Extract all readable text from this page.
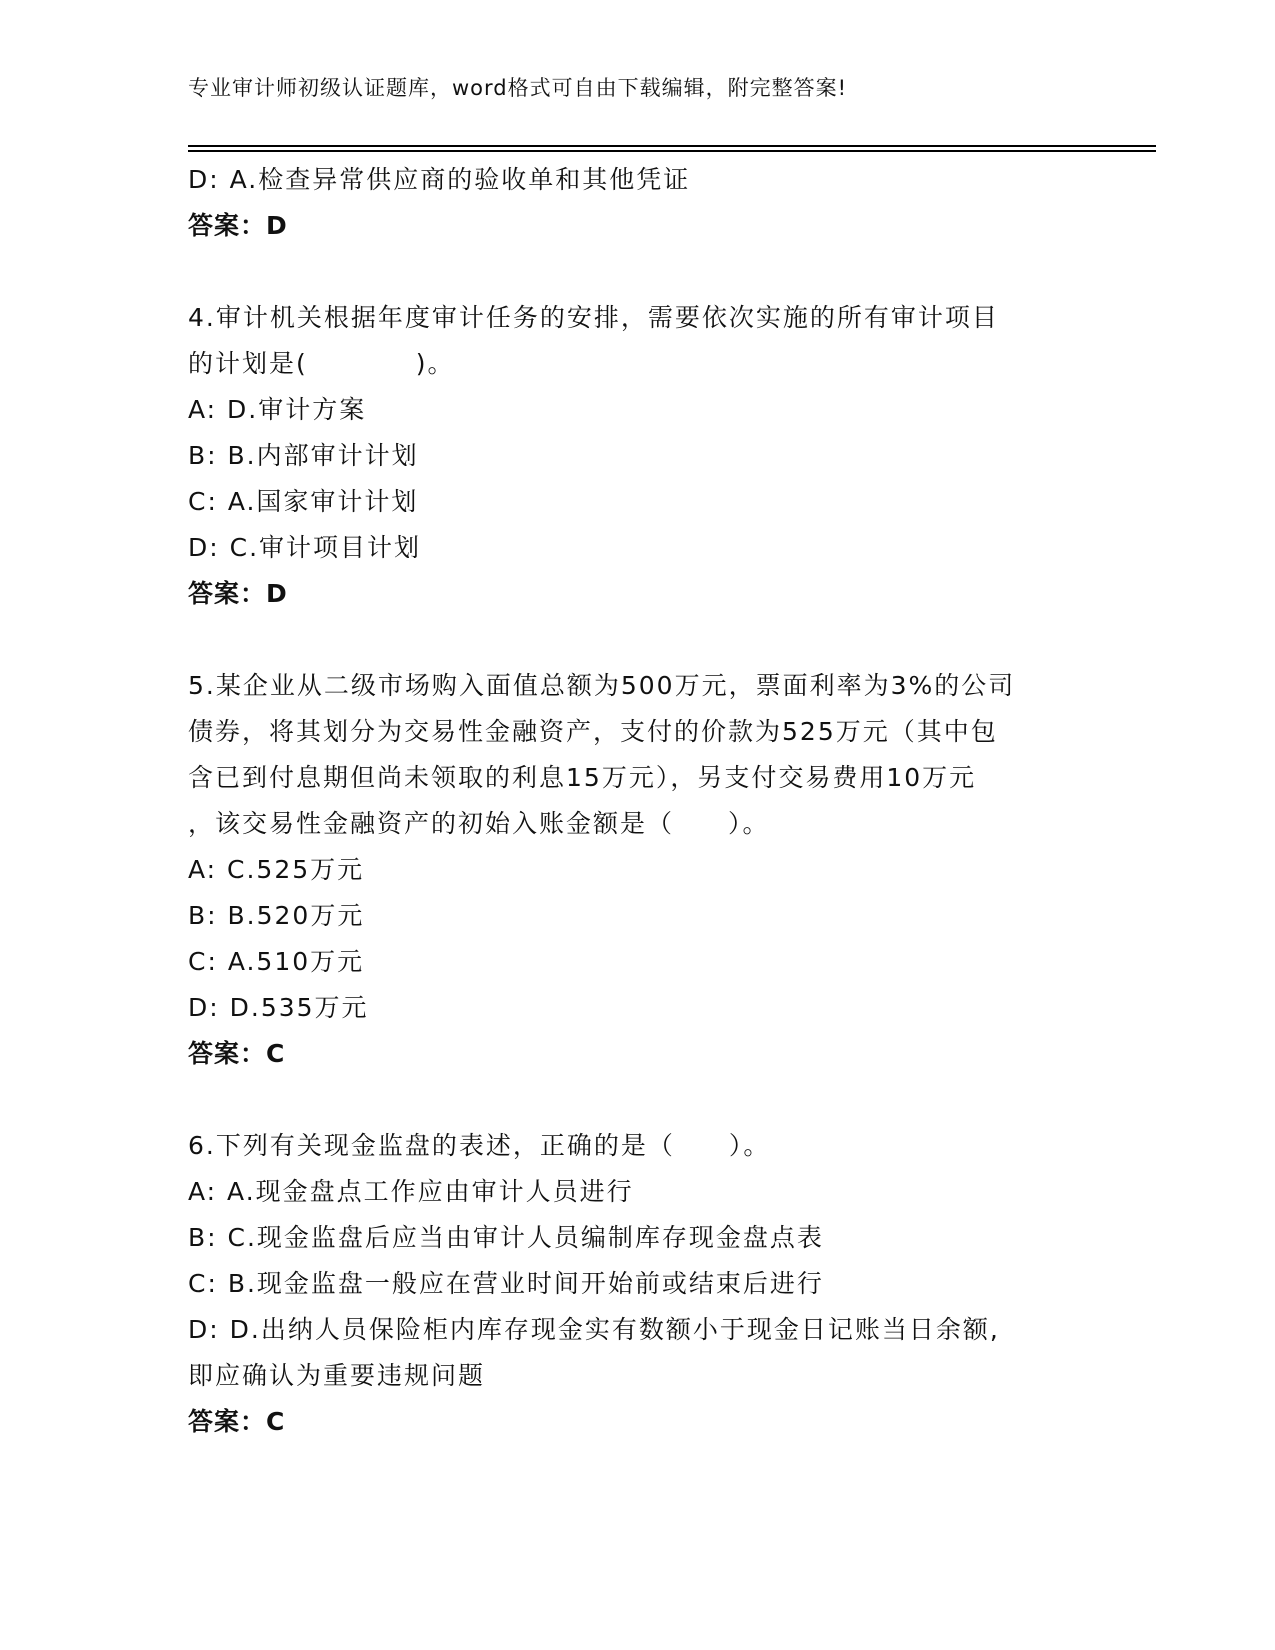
专业审计师初级认证题库，word格式可自由下载编辑，附完整答案!
D: A.检查异常供应商的验收单和其他凭证
答案：D
4.审计机关根据年度审计任务的安排，需要依次实施的所有审计项目
的计划是(　　　　)。
A: D.审计方案
B: B.内部审计计划
C: A.国家审计计划
D: C.审计项目计划
答案：D
5.某企业从二级市场购入面值总额为500万元，票面利率为3%的公司
债券，将其划分为交易性金融资产，支付的价款为525万元（其中包
含已到付息期但尚未领取的利息15万元），另支付交易费用10万元
，该交易性金融资产的初始入账金额是（　　）。
A: C.525万元
B: B.520万元
C: A.510万元
D: D.535万元
答案：C
6.下列有关现金监盘的表述，正确的是（　　）。
A: A.现金盘点工作应由审计人员进行
B: C.现金监盘后应当由审计人员编制库存现金盘点表
C: B.现金监盘一般应在营业时间开始前或结束后进行
D: D.出纳人员保险柜内库存现金实有数额小于现金日记账当日余额,
即应确认为重要违规问题
答案：C
